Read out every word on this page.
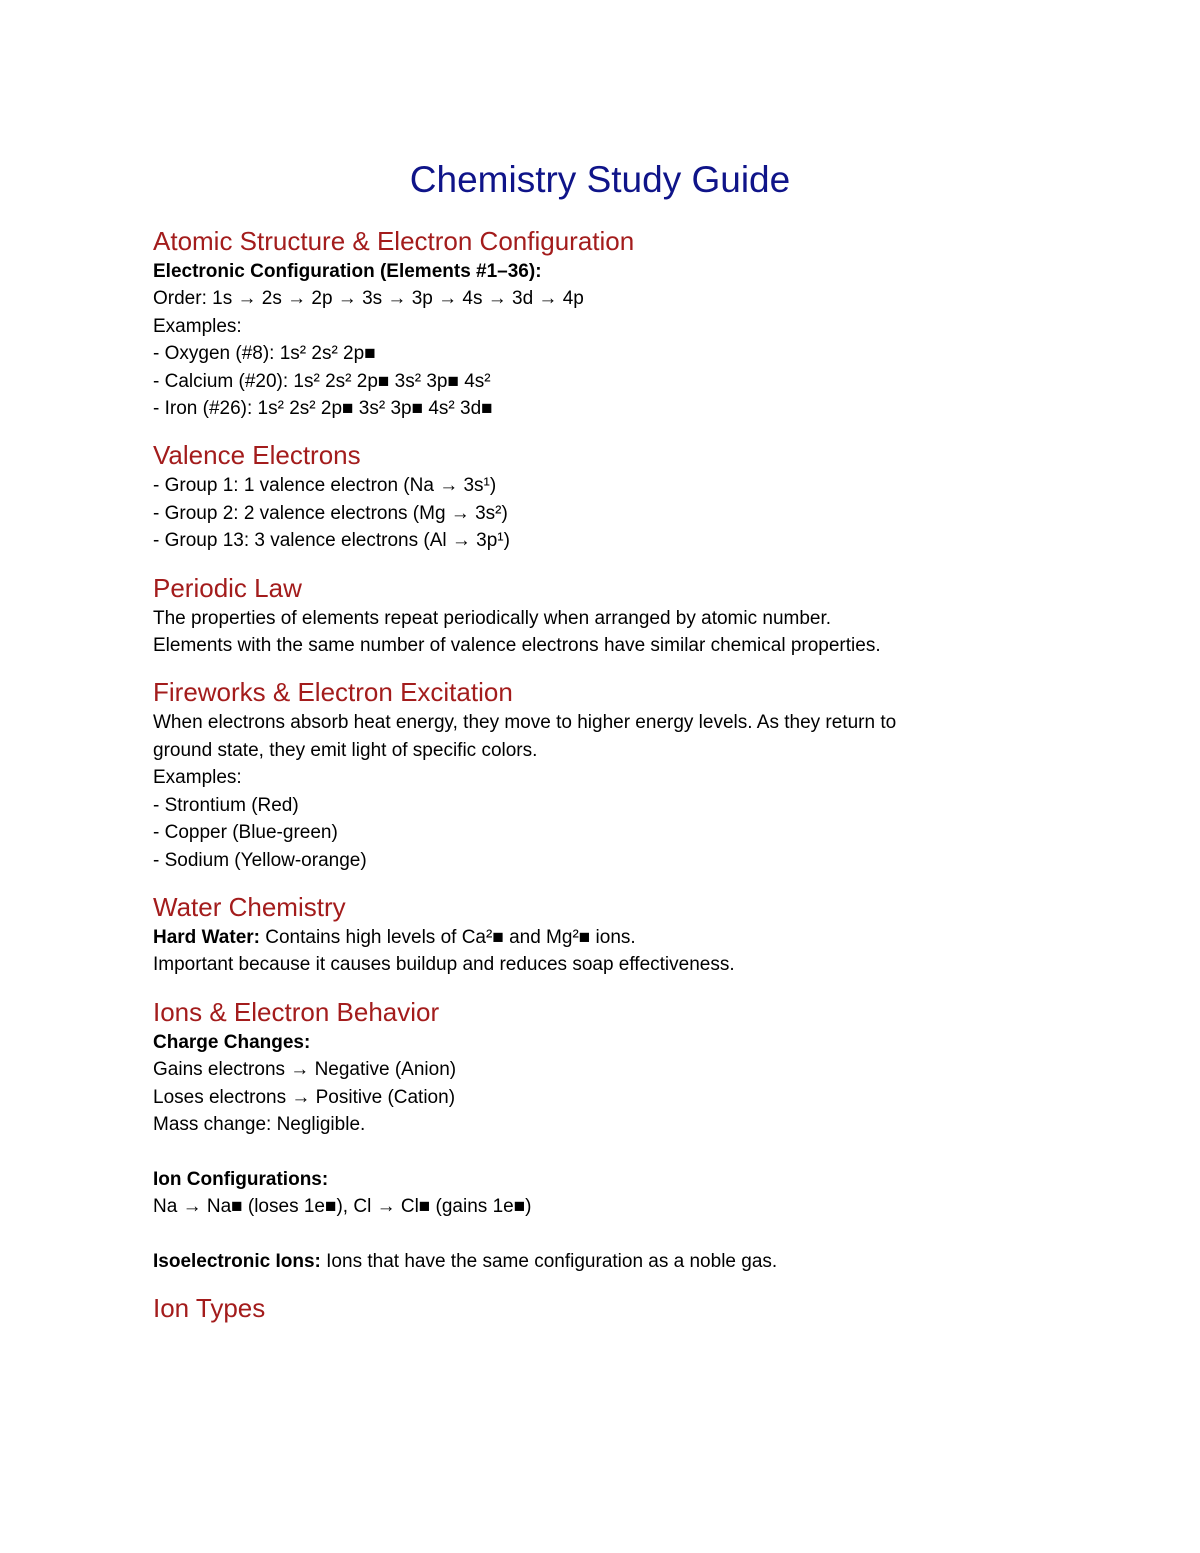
Chemistry Study Guide
Atomic Structure & Electron Configuration
Electronic Configuration (Elements #1–36):
Order: 1s → 2s → 2p → 3s → 3p → 4s → 3d → 4p
Examples:
- Oxygen (#8): 1s² 2s² 2p■
- Calcium (#20): 1s² 2s² 2p■ 3s² 3p■ 4s²
- Iron (#26): 1s² 2s² 2p■ 3s² 3p■ 4s² 3d■
Valence Electrons
- Group 1: 1 valence electron (Na → 3s¹)
- Group 2: 2 valence electrons (Mg → 3s²)
- Group 13: 3 valence electrons (Al → 3p¹)
Periodic Law
The properties of elements repeat periodically when arranged by atomic number.
Elements with the same number of valence electrons have similar chemical properties.
Fireworks & Electron Excitation
When electrons absorb heat energy, they move to higher energy levels. As they return to
ground state, they emit light of specific colors.
Examples:
- Strontium (Red)
- Copper (Blue-green)
- Sodium (Yellow-orange)
Water Chemistry
Hard Water: Contains high levels of Ca²■ and Mg²■ ions.
Important because it causes buildup and reduces soap effectiveness.
Ions & Electron Behavior
Charge Changes:
Gains electrons → Negative (Anion)
Loses electrons → Positive (Cation)
Mass change: Negligible.
Ion Configurations:
Na → Na■ (loses 1e■), Cl → Cl■ (gains 1e■)
Isoelectronic Ions: Ions that have the same configuration as a noble gas.
Ion Types
